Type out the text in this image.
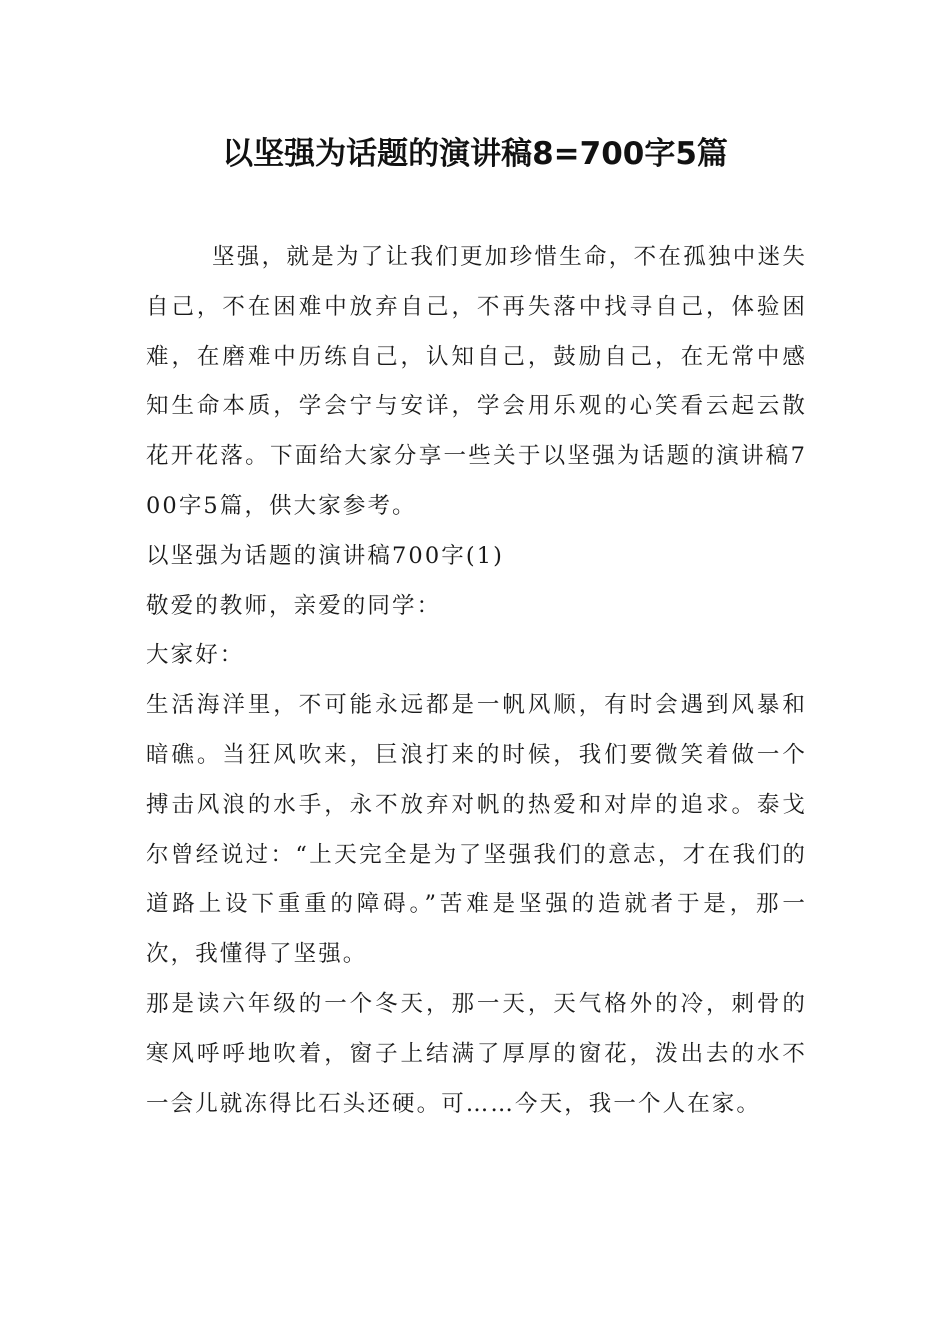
以坚强为话题的演讲稿8=700字5篇

坚强，就是为了让我们更加珍惜生命，不在孤独中迷失自己，不在困难中放弃自己，不再失落中找寻自己，体验困难，在磨难中历练自己，认知自己，鼓励自己，在无常中感知生命本质，学会宁与安详，学会用乐观的心笑看云起云散花开花落。下面给大家分享一些关于以坚强为话题的演讲稿700字5篇，供大家参考。

以坚强为话题的演讲稿700字(1)

敬爱的教师，亲爱的同学：

大家好：

生活海洋里，不可能永远都是一帆风顺，有时会遇到风暴和暗礁。当狂风吹来，巨浪打来的时候，我们要微笑着做一个搏击风浪的水手，永不放弃对帆的热爱和对岸的追求。泰戈尔曾经说过：“上天完全是为了坚强我们的意志，才在我们的道路上设下重重的障碍。”苦难是坚强的造就者于是，那一次，我懂得了坚强。

那是读六年级的一个冬天，那一天，天气格外的冷，刺骨的寒风呼呼地吹着，窗子上结满了厚厚的窗花，泼出去的水不一会儿就冻得比石头还硬。可……今天，我一个人在家。
